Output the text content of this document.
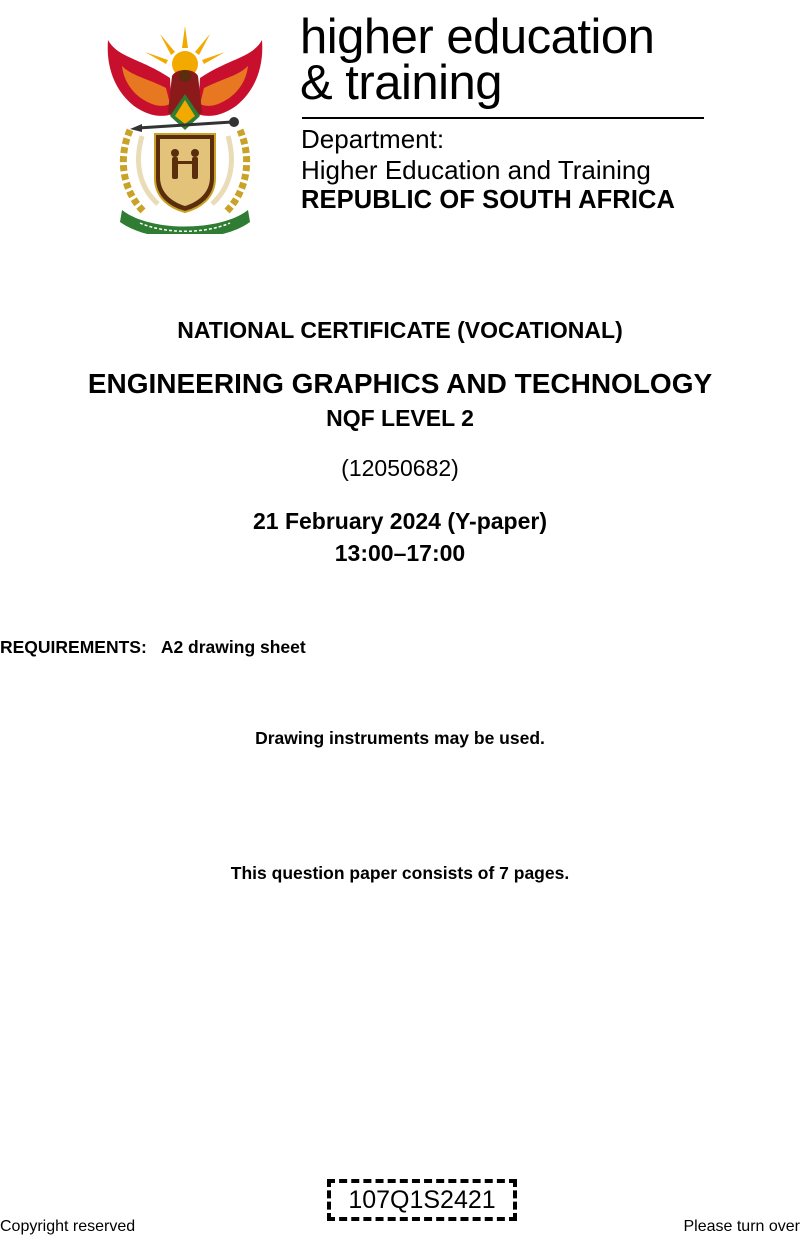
higher education
& training
Department:
Higher Education and Training
REPUBLIC OF SOUTH AFRICA
NATIONAL CERTIFICATE (VOCATIONAL)
ENGINEERING GRAPHICS AND TECHNOLOGY
NQF LEVEL 2
(12050682)
21 February 2024 (Y-paper)
13:00–17:00
REQUIREMENTS: A2 drawing sheet
Drawing instruments may be used.
This question paper consists of 7 pages.
107Q1S2421
Copyright reserved	Please turn over
